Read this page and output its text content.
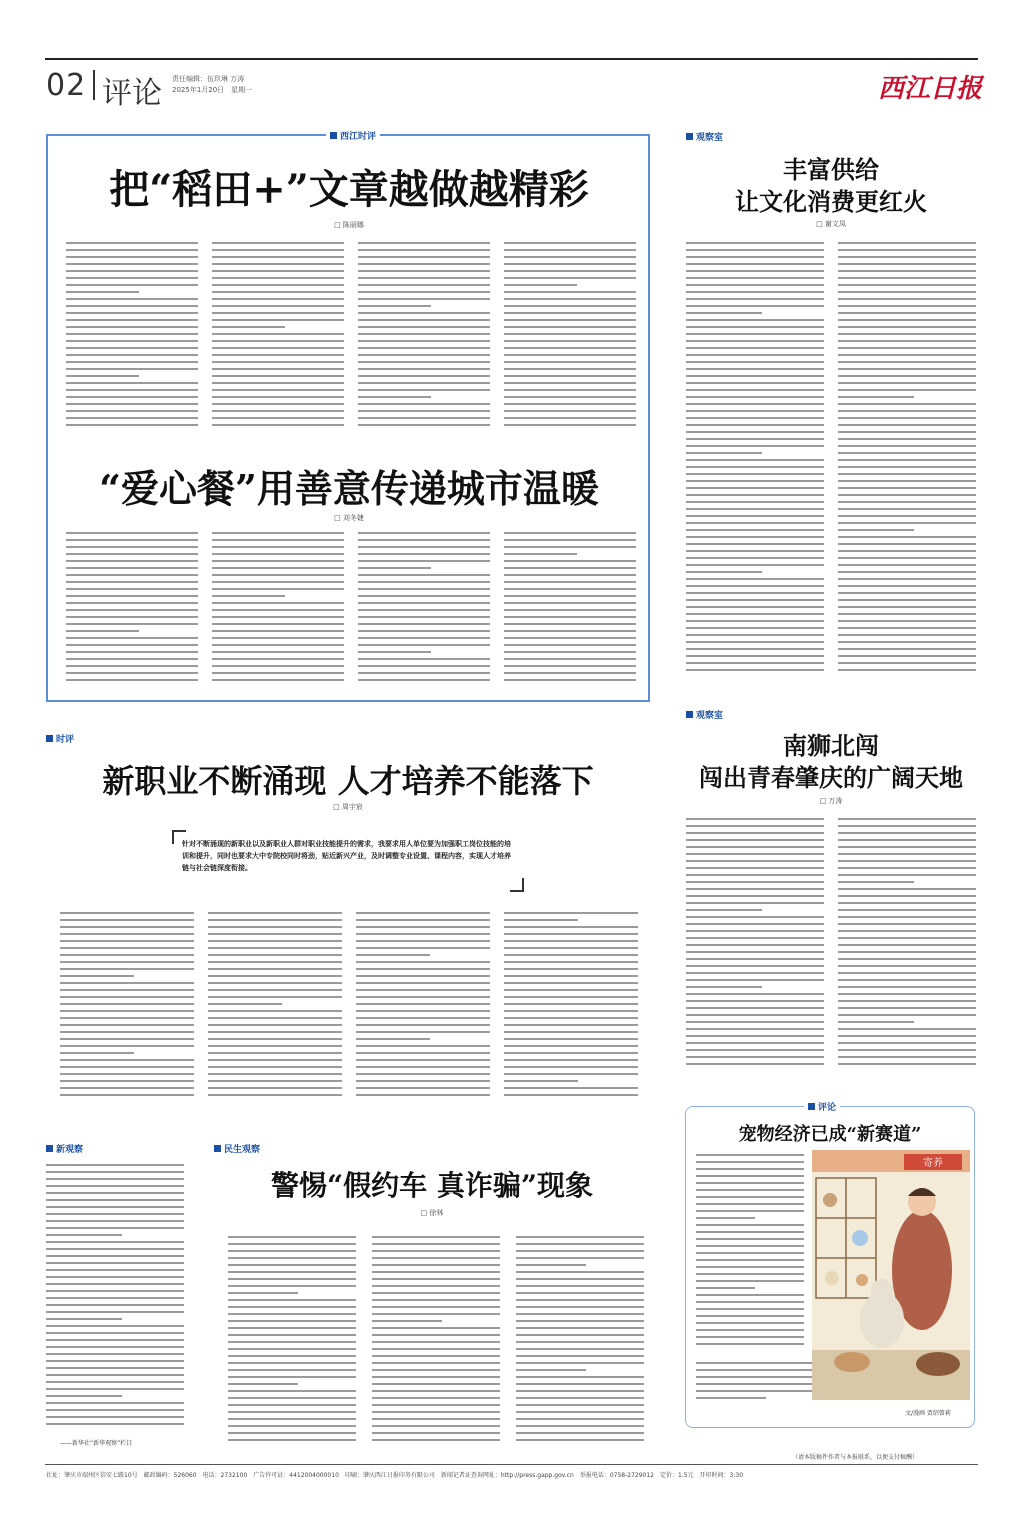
02 评论 责任编辑：伍玖琳 万涛
2025年1月20日　星期一	西江日报
西江时评
把“稻田+”文章越做越精彩
□ 陈丽娜
“爱心餐”用善意传递城市温暖
□ 刘冬婕
观察室
丰富供给
让文化消费更红火
□ 谢文凤
时评
新职业不断涌现 人才培养不能落下
□ 周宇宸
针对不断涌现的新职业以及新职业人群对职业技能提升的需求，我要求用人单位要为加强职工岗位技能的培训和提升，同时也要求大中专院校同时将劲，贴近新兴产业，及时调整专业设置、课程内容，实现人才培养链与社会链深度衔接。
观察室
南狮北闯
闯出青春肇庆的广阔天地
□ 万涛
新观察
——新华社“新华观察”栏目
民生观察
警惕“假约车 真诈骗”现象
□ 徐林
评论
宠物经济已成“新赛道”
寄养
文/漫画 贾绍曾莉
（请本版稿件作者与本报联系，以便支付稿酬）
社址：肇庆市端州区信安七路10号　邮政编码：526060　电话：2732100　广告许可证：4412004000010　印刷：肇庆西江日报印务有限公司　新闻记者证查询网址：http://press.gapp.gov.cn　举报电话：0758-2729012　定价：1.5元　开印时间：3:30
